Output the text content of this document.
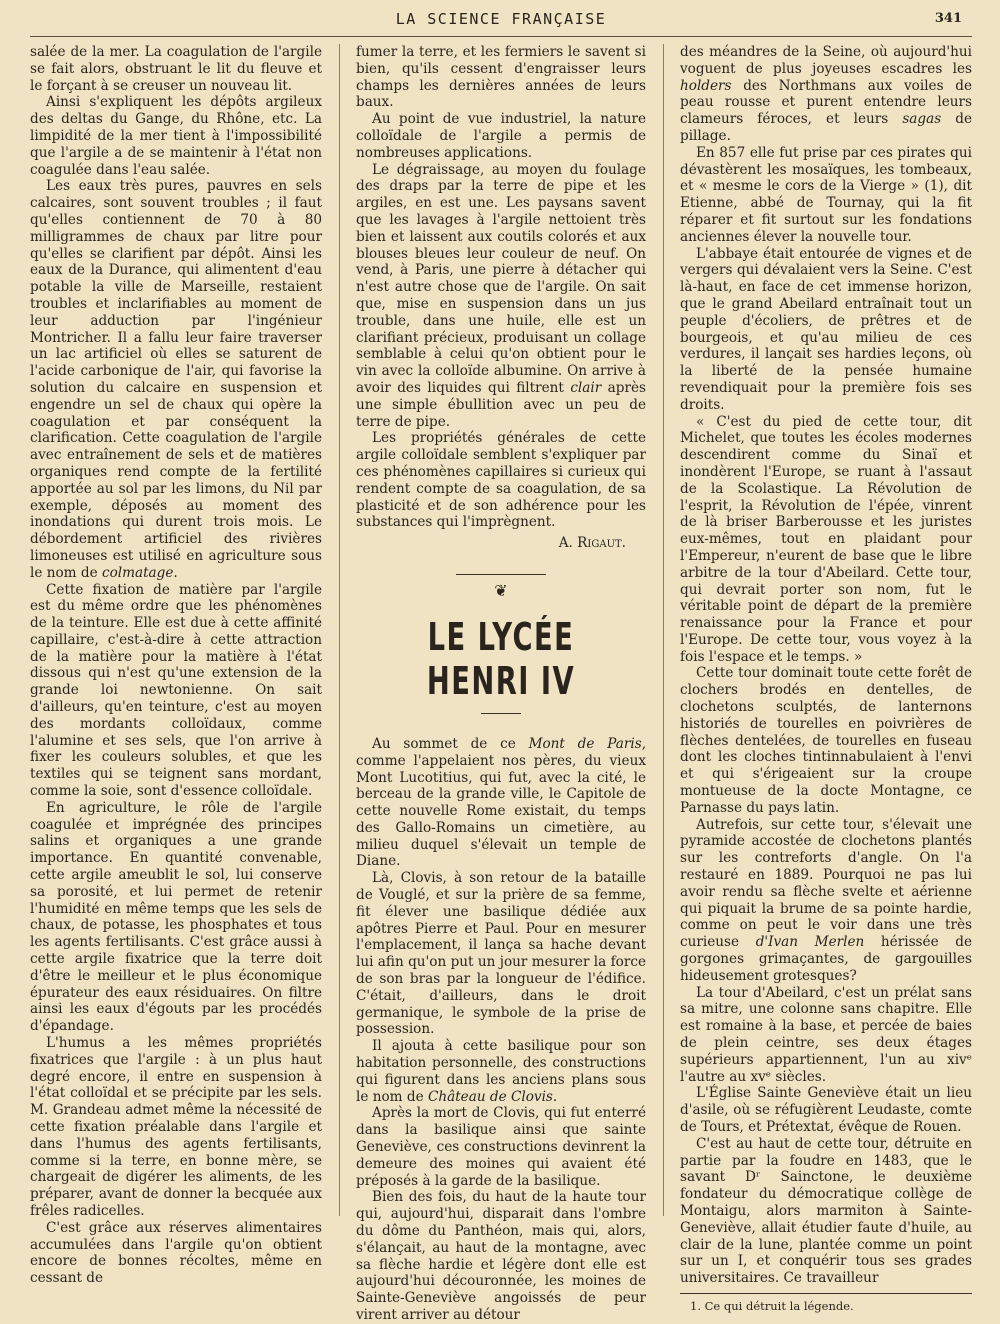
LA SCIENCE FRANÇAISE	341

salée de la mer. La coagulation de l'argile se fait alors, obstruant le lit du fleuve et le forçant à se creuser un nouveau lit.

Ainsi s'expliquent les dépôts argileux des deltas du Gange, du Rhône, etc. La limpidité de la mer tient à l'impossibilité que l'argile a de se maintenir à l'état non coagulée dans l'eau salée.

Les eaux très pures, pauvres en sels calcaires, sont souvent troubles ; il faut qu'elles contiennent de 70 à 80 milligrammes de chaux par litre pour qu'elles se clarifient par dépôt. Ainsi les eaux de la Durance, qui alimentent d'eau potable la ville de Marseille, restaient troubles et inclarifiables au moment de leur adduction par l'ingénieur Montricher. Il a fallu leur faire traverser un lac artificiel où elles se saturent de l'acide carbonique de l'air, qui favorise la solution du calcaire en suspension et engendre un sel de chaux qui opère la coagulation et par conséquent la clarification. Cette coagulation de l'argile avec entraînement de sels et de matières organiques rend compte de la fertilité apportée au sol par les limons, du Nil par exemple, déposés au moment des inondations qui durent trois mois. Le débordement artificiel des rivières limoneuses est utilisé en agriculture sous le nom de colmatage.

Cette fixation de matière par l'argile est du même ordre que les phénomènes de la teinture. Elle est due à cette affinité capillaire, c'est-à-dire à cette attraction de la matière pour la matière à l'état dissous qui n'est qu'une extension de la grande loi newtonienne. On sait d'ailleurs, qu'en teinture, c'est au moyen des mordants colloïdaux, comme l'alumine et ses sels, que l'on arrive à fixer les couleurs solubles, et que les textiles qui se teignent sans mordant, comme la soie, sont d'essence colloïdale.

En agriculture, le rôle de l'argile coagulée et imprégnée des principes salins et organiques a une grande importance. En quantité convenable, cette argile ameublit le sol, lui conserve sa porosité, et lui permet de retenir l'humidité en même temps que les sels de chaux, de potasse, les phosphates et tous les agents fertilisants. C'est grâce aussi à cette argile fixatrice que la terre doit d'être le meilleur et le plus économique épurateur des eaux résiduaires. On filtre ainsi les eaux d'égouts par les procédés d'épandage.

L'humus a les mêmes propriétés fixatrices que l'argile : à un plus haut degré encore, il entre en suspension à l'état colloïdal et se précipite par les sels. M. Grandeau admet même la nécessité de cette fixation préalable dans l'argile et dans l'humus des agents fertilisants, comme si la terre, en bonne mère, se chargeait de digérer les aliments, de les préparer, avant de donner la becquée aux frêles radicelles.

C'est grâce aux réserves alimentaires accumulées dans l'argile qu'on obtient encore de bonnes récoltes, même en cessant de

fumer la terre, et les fermiers le savent si bien, qu'ils cessent d'engraisser leurs champs les dernières années de leurs baux.

Au point de vue industriel, la nature colloïdale de l'argile a permis de nombreuses applications.

Le dégraissage, au moyen du foulage des draps par la terre de pipe et les argiles, en est une. Les paysans savent que les lavages à l'argile nettoient très bien et laissent aux coutils colorés et aux blouses bleues leur couleur de neuf. On vend, à Paris, une pierre à détacher qui n'est autre chose que de l'argile. On sait que, mise en suspension dans un jus trouble, dans une huile, elle est un clarifiant précieux, produisant un collage semblable à celui qu'on obtient pour le vin avec la colloïde albumine. On arrive à avoir des liquides qui filtrent clair après une simple ébullition avec un peu de terre de pipe.

Les propriétés générales de cette argile colloïdale semblent s'expliquer par ces phénomènes capillaires si curieux qui rendent compte de sa coagulation, de sa plasticité et de son adhérence pour les substances qui l'imprègnent.

A. Rigaut.

❦
LE LYCÉE HENRI IV

Au sommet de ce Mont de Paris, comme l'appelaient nos pères, du vieux Mont Lucotitius, qui fut, avec la cité, le berceau de la grande ville, le Capitole de cette nouvelle Rome existait, du temps des Gallo-Romains un cimetière, au milieu duquel s'élevait un temple de Diane.

Là, Clovis, à son retour de la bataille de Vouglé, et sur la prière de sa femme, fit élever une basilique dédiée aux apôtres Pierre et Paul. Pour en mesurer l'emplacement, il lança sa hache devant lui afin qu'on put un jour mesurer la force de son bras par la longueur de l'édifice. C'était, d'ailleurs, dans le droit germanique, le symbole de la prise de possession.

Il ajouta à cette basilique pour son habitation personnelle, des constructions qui figurent dans les anciens plans sous le nom de Château de Clovis.

Après la mort de Clovis, qui fut enterré dans la basilique ainsi que sainte Geneviève, ces constructions devinrent la demeure des moines qui avaient été préposés à la garde de la basilique.

Bien des fois, du haut de la haute tour qui, aujourd'hui, disparait dans l'ombre du dôme du Panthéon, mais qui, alors, s'élançait, au haut de la montagne, avec sa flèche hardie et légère dont elle est aujourd'hui découronnée, les moines de Sainte-Geneviève angoissés de peur virent arriver au détour

des méandres de la Seine, où aujourd'hui voguent de plus joyeuses escadres les holders des Northmans aux voiles de peau rousse et purent entendre leurs clameurs féroces, et leurs sagas de pillage.

En 857 elle fut prise par ces pirates qui dévastèrent les mosaïques, les tombeaux, et « mesme le cors de la Vierge » (1), dit Etienne, abbé de Tournay, qui la fit réparer et fit surtout sur les fondations anciennes élever la nouvelle tour.

L'abbaye était entourée de vignes et de vergers qui dévalaient vers la Seine. C'est là-haut, en face de cet immense horizon, que le grand Abeilard entraînait tout un peuple d'écoliers, de prêtres et de bourgeois, et qu'au milieu de ces verdures, il lançait ses hardies leçons, où la liberté de la pensée humaine revendiquait pour la première fois ses droits.

« C'est du pied de cette tour, dit Michelet, que toutes les écoles modernes descendirent comme du Sinaï et inondèrent l'Europe, se ruant à l'assaut de la Scolastique. La Révolution de l'esprit, la Révolution de l'épée, vinrent de là briser Barberousse et les juristes eux-mêmes, tout en plaidant pour l'Empereur, n'eurent de base que le libre arbitre de la tour d'Abeilard. Cette tour, qui devrait porter son nom, fut le véritable point de départ de la première renaissance pour la France et pour l'Europe. De cette tour, vous voyez à la fois l'espace et le temps. »

Cette tour dominait toute cette forêt de clochers brodés en dentelles, de clochetons sculptés, de lanternons historiés de tourelles en poivrières de flèches dentelées, de tourelles en fuseau dont les cloches tintinnabulaient à l'envi et qui s'érigeaient sur la croupe montueuse de la docte Montagne, ce Parnasse du pays latin.

Autrefois, sur cette tour, s'élevait une pyramide accostée de clochetons plantés sur les contreforts d'angle. On l'a restauré en 1889. Pourquoi ne pas lui avoir rendu sa flèche svelte et aérienne qui piquait la brume de sa pointe hardie, comme on peut le voir dans une très curieuse d'Ivan Merlen hérissée de gorgones grimaçantes, de gargouilles hideusement grotesques?

La tour d'Abeilard, c'est un prélat sans sa mitre, une colonne sans chapitre. Elle est romaine à la base, et percée de baies de plein ceintre, ses deux étages supérieurs appartiennent, l'un au xivᵉ l'autre au xvᵉ siècles.

L'Église Sainte Geneviève était un lieu d'asile, où se réfugièrent Leudaste, comte de Tours, et Prétextat, évêque de Rouen.

C'est au haut de cette tour, détruite en partie par la foudre en 1483, que le savant Dʳ Sainctone, le deuxième fondateur du démocratique collège de Montaigu, alors marmiton à Sainte-Geneviève, allait étudier faute d'huile, au clair de la lune, plantée comme un point sur un I, et conquérir tous ses grades universitaires. Ce travailleur

1. Ce qui détruit la légende.
